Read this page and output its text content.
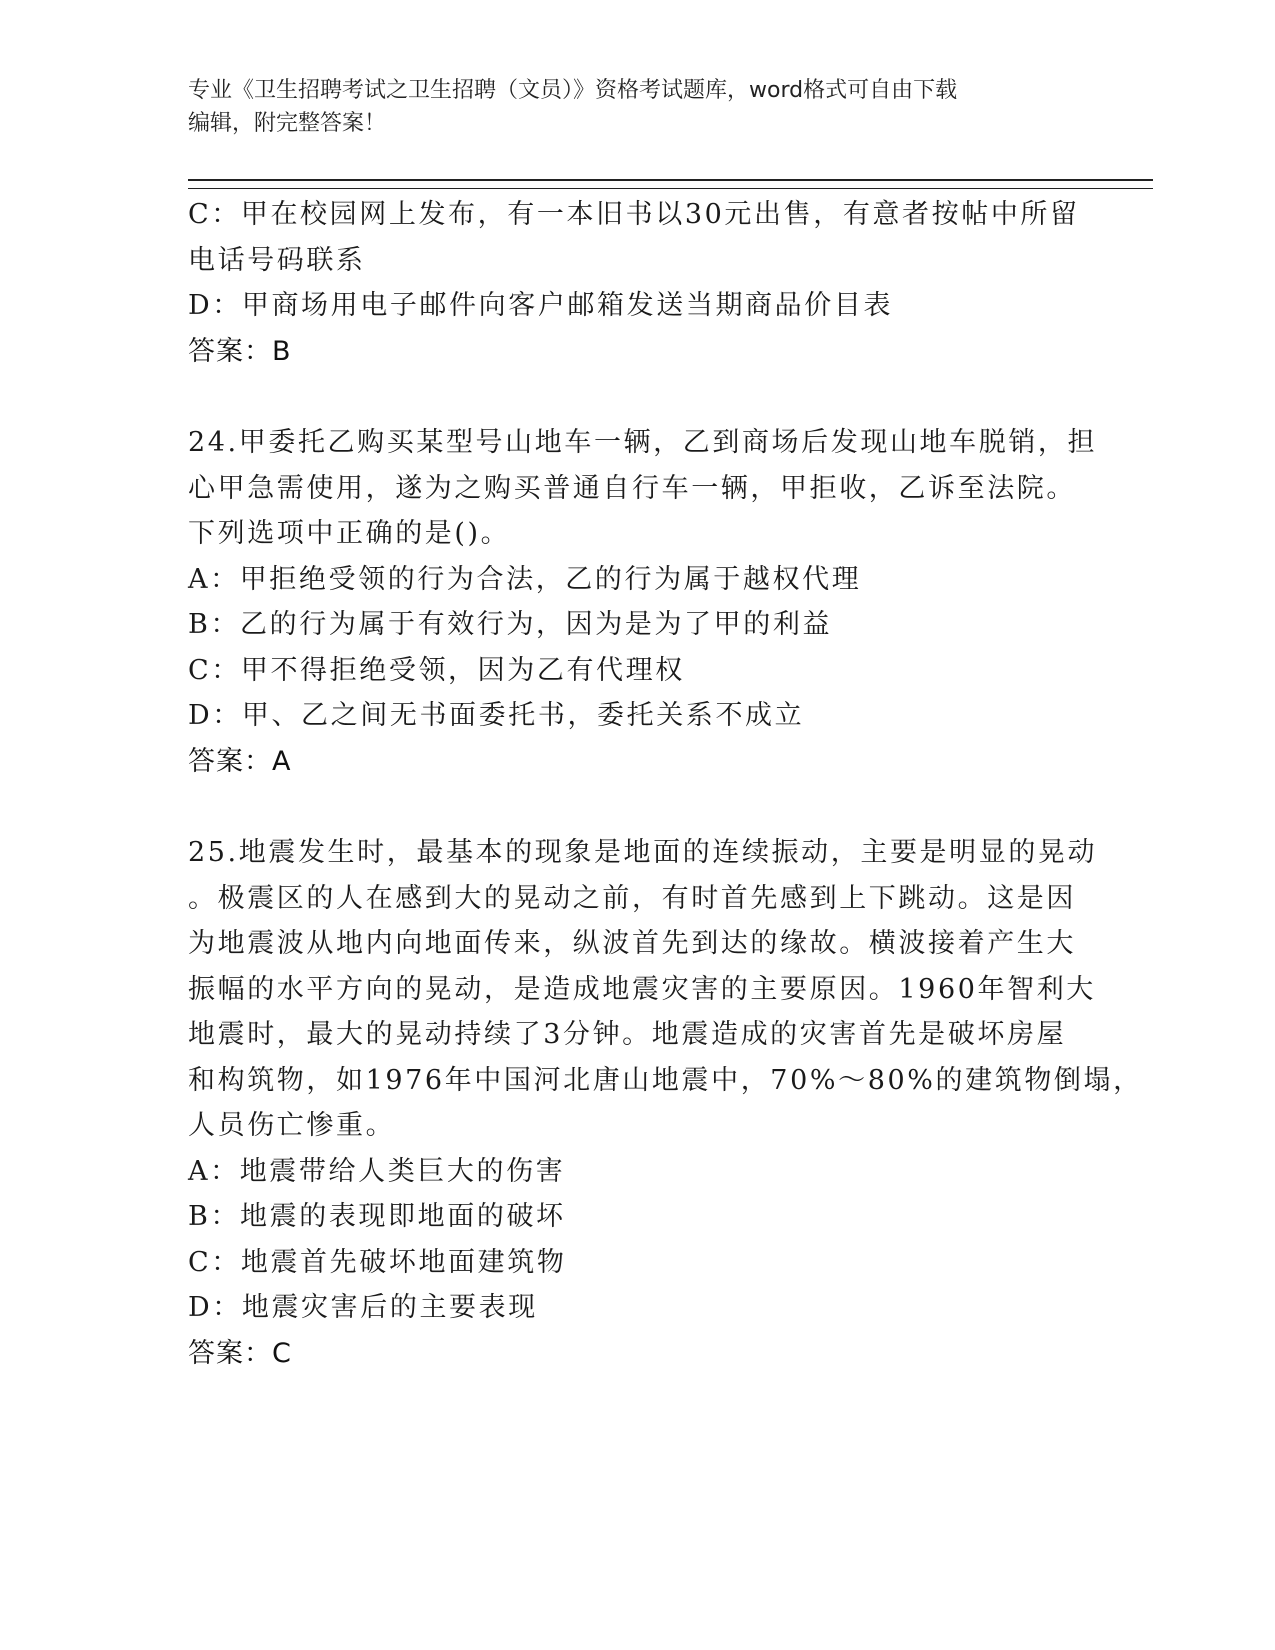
专业《卫生招聘考试之卫生招聘（文员）》资格考试题库，word格式可自由下载
编辑，附完整答案！
C：甲在校园网上发布，有一本旧书以30元出售，有意者按帖中所留
电话号码联系
D：甲商场用电子邮件向客户邮箱发送当期商品价目表
答案：B
24.甲委托乙购买某型号山地车一辆，乙到商场后发现山地车脱销，担
心甲急需使用，遂为之购买普通自行车一辆，甲拒收，乙诉至法院。
下列选项中正确的是()。
A：甲拒绝受领的行为合法，乙的行为属于越权代理
B：乙的行为属于有效行为，因为是为了甲的利益
C：甲不得拒绝受领，因为乙有代理权
D：甲、乙之间无书面委托书，委托关系不成立
答案：A
25.地震发生时，最基本的现象是地面的连续振动，主要是明显的晃动
。极震区的人在感到大的晃动之前，有时首先感到上下跳动。这是因
为地震波从地内向地面传来，纵波首先到达的缘故。横波接着产生大
振幅的水平方向的晃动，是造成地震灾害的主要原因。1960年智利大
地震时，最大的晃动持续了3分钟。地震造成的灾害首先是破坏房屋
和构筑物，如1976年中国河北唐山地震中，70%～80%的建筑物倒塌，
人员伤亡惨重。
A：地震带给人类巨大的伤害
B：地震的表现即地面的破坏
C：地震首先破坏地面建筑物
D：地震灾害后的主要表现
答案：C
